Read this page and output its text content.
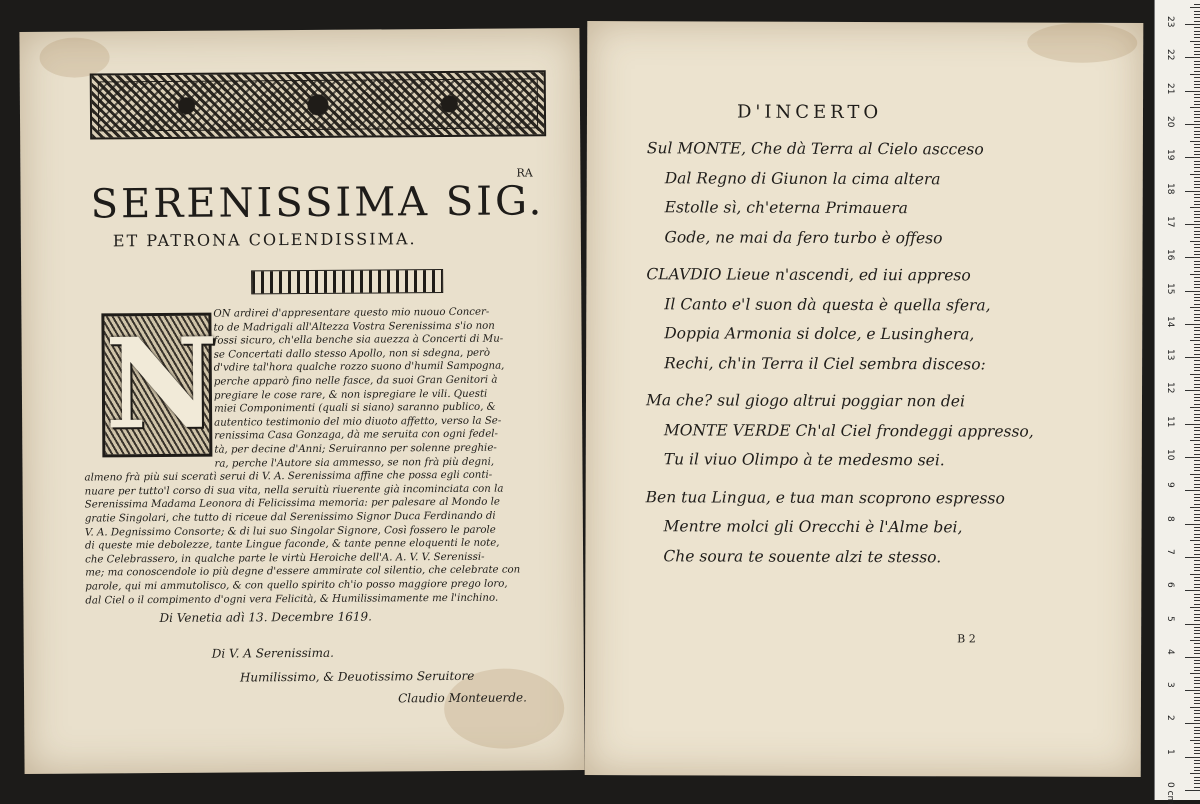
SERENISSIMA SIG.
RA
ET PATRONA COLENDISSIMA.
N
ON ardirei d'appresentare questo mio nuouo Concer-
to de Madrigali all'Altezza Vostra Serenissima s'io non
fossi sicuro, ch'ella benche sia auezza à Concerti di Mu-
se Concertati dallo stesso Apollo, non si sdegna, però
d'vdire tal'hora qualche rozzo suono d'humil Sampogna,
perche apparò fino nelle fasce, da suoi Gran Genitori à
pregiare le cose rare, & non ispregiare le vili. Questi
miei Componimenti (quali si siano) saranno publico, &
autentico testimonio del mio diuoto affetto, verso la Se-
renissima Casa Gonzaga, dà me seruita con ogni fedel-
tà, per decine d'Anni; Seruiranno per solenne preghie-
ra, perche l'Autore sia ammesso, se non frà più degni,
almeno frà più sui sceratì serui di V. A. Serenissima affine che possa egli conti-
nuare per tutto'l corso di sua vita, nella seruitù riuerente già incominciata con la
Serenissima Madama Leonora di Felicissima memoria: per palesare al Mondo le
gratie Singolari, che tutto di riceue dal Serenissimo Signor Duca Ferdinando di
V. A. Degnissimo Consorte; & di lui suo Singolar Signore, Così fossero le parole
di queste mie debolezze, tante Lingue faconde, & tante penne eloquenti le note,
che Celebrassero, in qualche parte le virtù Heroiche dell'A. A. V. V. Serenissi-
me; ma conoscendole io più degne d'essere ammirate col silentio, che celebrate con
parole, qui mi ammutolisco, & con quello spirito ch'io posso maggiore prego loro,
dal Ciel o il compimento d'ogni vera Felicità, & Humilissimamente me l'inchino.
Di Venetia adì 13. Decembre 1619.
Di V. A Serenissima.
Humilissimo, & Deuotissimo Seruitore
Claudio Monteuerde.
D'INCERTO
Sul MONTE, Che dà Terra al Cielo ascceso
Dal Regno di Giunon la cima altera
Estolle sì, ch'eterna Primauera
Gode, ne mai da fero turbo è offeso
CLAVDIO Lieue n'ascendi, ed iui appreso
Il Canto e'l suon dà questa è quella sfera,
Doppia Armonia si dolce, e Lusinghera,
Rechi, ch'in Terra il Ciel sembra disceso:
Ma che? sul giogo altrui poggiar non dei
MONTE VERDE Ch'al Ciel frondeggi appresso,
Tu il viuo Olimpo à te medesmo sei.
Ben tua Lingua, e tua man scoprono espresso
Mentre molci gli Orecchi è l'Alme bei,
Che soura te souente alzi te stesso.
B 2
23
22
21
20
19
18
17
16
15
14
13
12
11
10
9
8
7
6
5
4
3
2
1
0 cm
